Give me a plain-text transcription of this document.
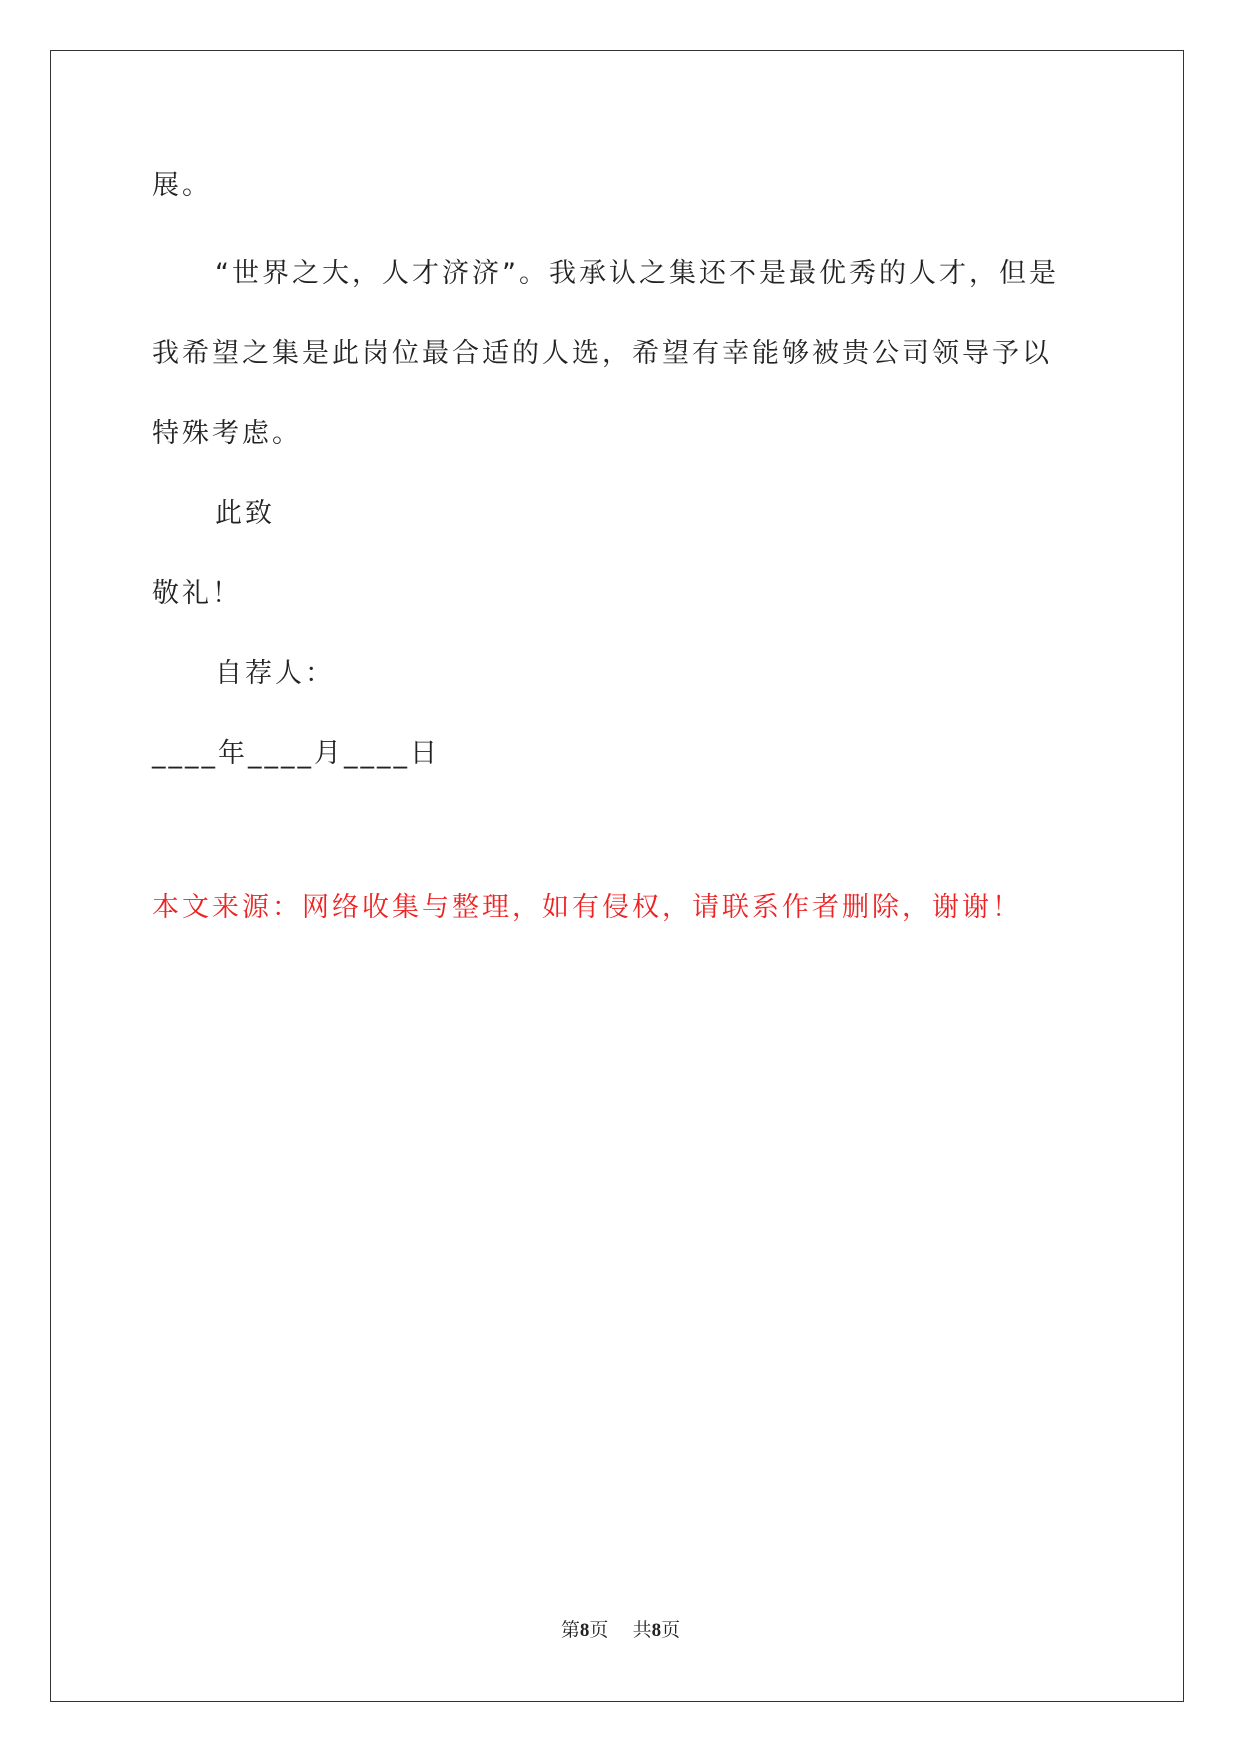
展。
“世界之大，人才济济”。我承认之集还不是最优秀的人才，但是
我希望之集是此岗位最合适的人选，希望有幸能够被贵公司领导予以
特殊考虑。
此致
敬礼！
自荐人：
____年____月____日
本文来源：网络收集与整理，如有侵权，请联系作者删除，谢谢！
第8页 共8页
